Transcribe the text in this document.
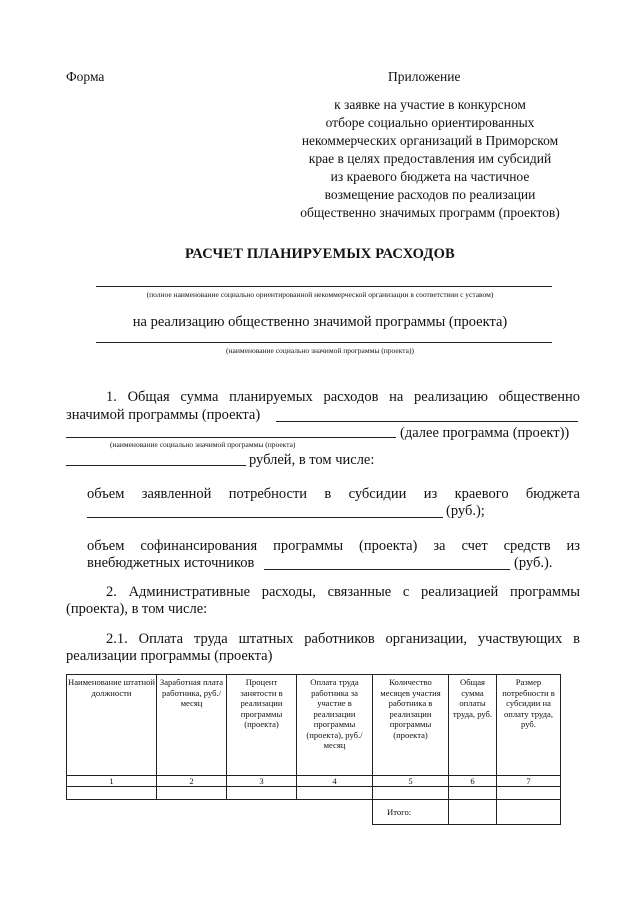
Форма	Приложение
к заявке на участие в конкурсном
отборе социально ориентированных
некоммерческих организаций в Приморском
крае в целях предоставления им субсидий
из краевого бюджета на частичное
возмещение расходов по реализации
общественно значимых программ (проектов)
РАСЧЕТ ПЛАНИРУЕМЫХ РАСХОДОВ
(полное наименование социально ориентированной некоммерческой организации в соответствии с уставом)
на реализацию общественно значимой программы (проекта)
(наименование социально значимой программы (проекта))
1. Общая сумма планируемых расходов на реализацию общественно
значимой программы (проекта)
(далее программа (проект))
(наименование социально значимой программы (проекта)
рублей, в том числе:
объем заявленной потребности в субсидии из краевого бюджета
(руб.);
объем софинансирования программы (проекта) за счет средств из
внебюджетных источников	(руб.).
2. Административные расходы, связанные с реализацией программы
(проекта), в том числе:
2.1. Оплата труда штатных работников организации, участвующих в
реализации программы (проекта)
Наименование штатной должности	Заработная плата работника, руб./месяц	Процент занятости в реализации программы (проекта)	Оплата труда работника за участие в реализации программы (проекта), руб./месяц	Количество месяцев участия работника в реализации программы (проекта)	Общая сумма оплаты труда, руб.	Размер потребности в субсидии на оплату труда, руб.
1	2	3	4	5	6	7

				Итого:		
